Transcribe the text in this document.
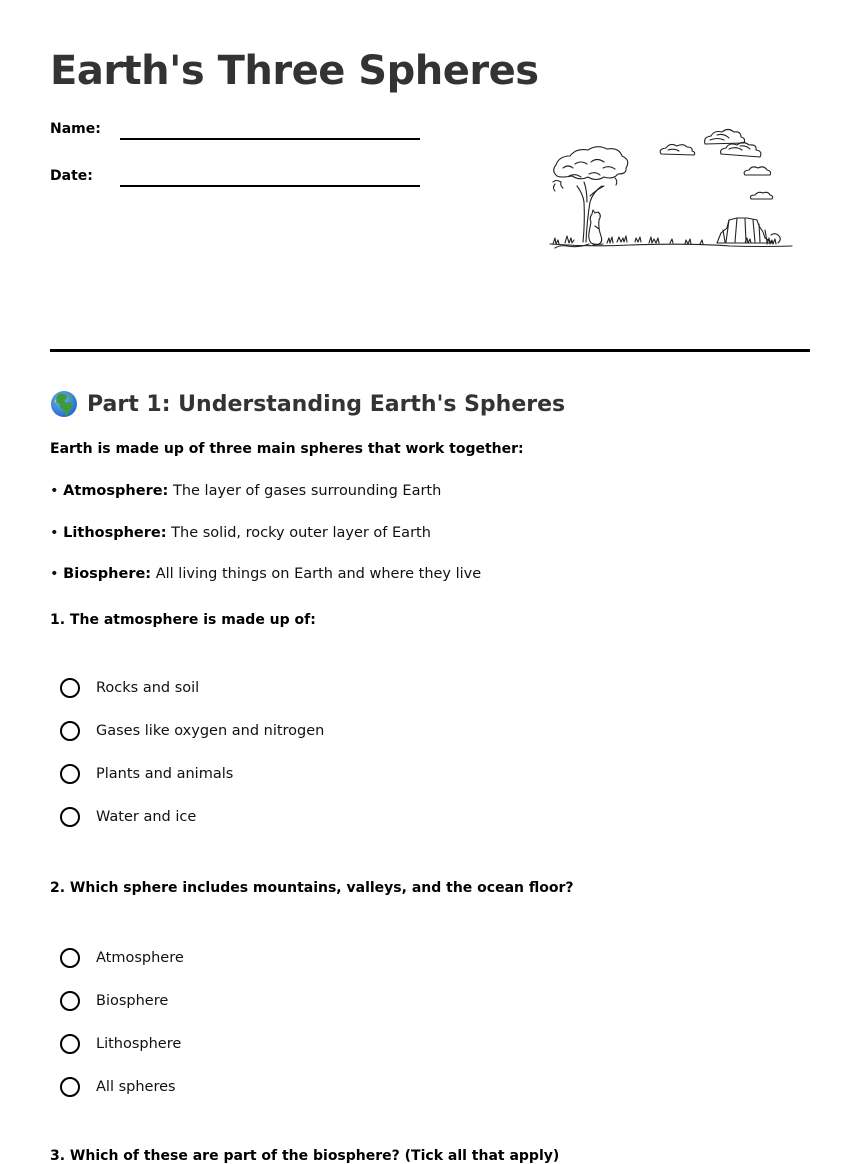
Earth's Three Spheres
Name:
Date:
Part 1: Understanding Earth's Spheres
Earth is made up of three main spheres that work together:
• Atmosphere: The layer of gases surrounding Earth
• Lithosphere: The solid, rocky outer layer of Earth
• Biosphere: All living things on Earth and where they live
1. The atmosphere is made up of:
Rocks and soil
Gases like oxygen and nitrogen
Plants and animals
Water and ice
2. Which sphere includes mountains, valleys, and the ocean floor?
Atmosphere
Biosphere
Lithosphere
All spheres
3. Which of these are part of the biosphere? (Tick all that apply)
